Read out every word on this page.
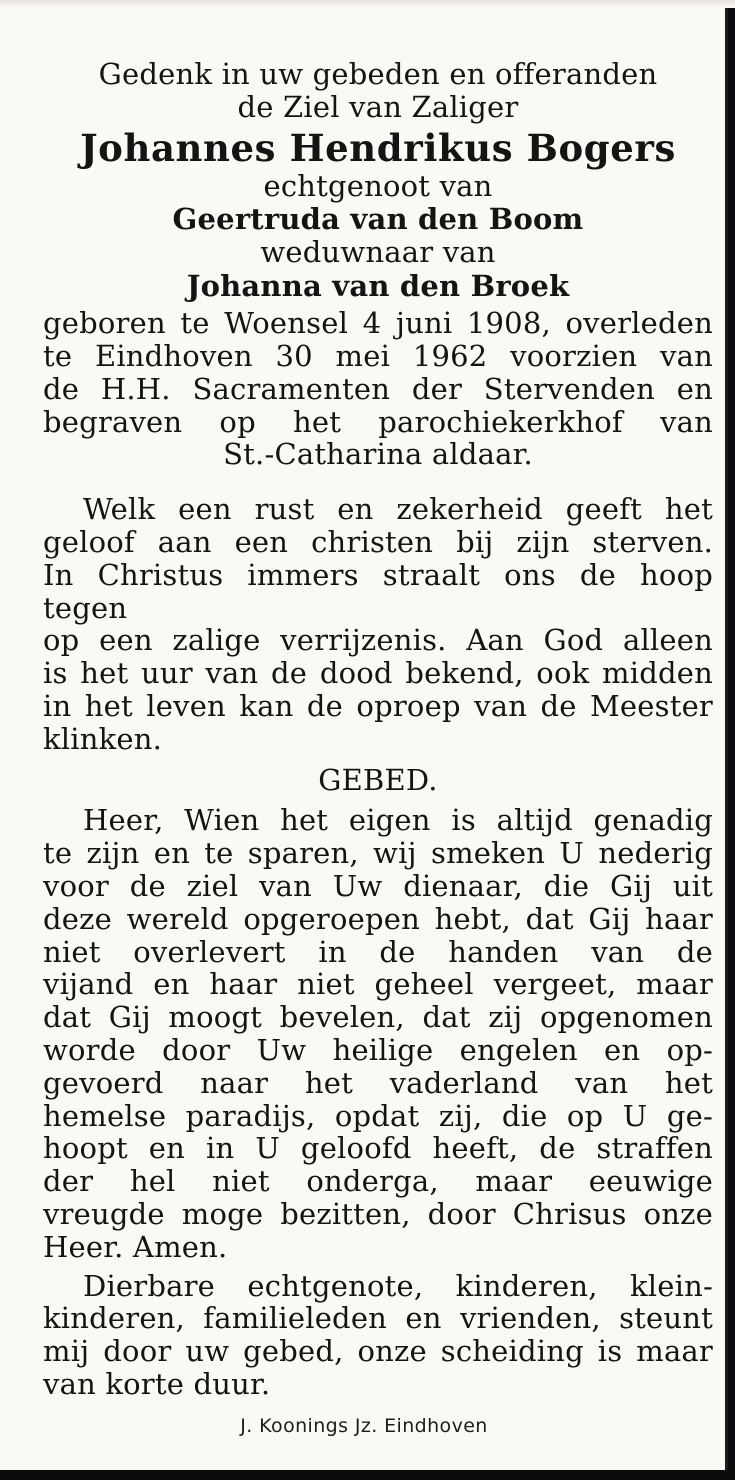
Gedenk in uw gebeden en offeranden

de Ziel van Zaliger

Johannes Hendrikus Bogers

echtgenoot van

Geertruda van den Boom

weduwnaar van

Johanna van den Broek

geboren te Woensel 4 juni 1908, overleden

te Eindhoven 30 mei 1962 voorzien van

de H.H. Sacramenten der Stervenden en

begraven op het parochiekerkhof van

St.-Catharina aldaar.

Welk een rust en zekerheid geeft het

geloof aan een christen bij zijn sterven.

In Christus immers straalt ons de hoop tegen

op een zalige verrijzenis. Aan God alleen

is het uur van de dood bekend, ook midden

in het leven kan de oproep van de Meester

klinken.

GEBED.

Heer, Wien het eigen is altijd genadig

te zijn en te sparen, wij smeken U nederig

voor de ziel van Uw dienaar, die Gij uit

deze wereld opgeroepen hebt, dat Gij haar

niet overlevert in de handen van de

vijand en haar niet geheel vergeet, maar

dat Gij moogt bevelen, dat zij opgenomen

worde door Uw heilige engelen en op-

gevoerd naar het vaderland van het

hemelse paradijs, opdat zij, die op U ge-

hoopt en in U geloofd heeft, de straffen

der hel niet onderga, maar eeuwige

vreugde moge bezitten, door Chrisus onze

Heer. Amen.

Dierbare echtgenote, kinderen, klein-

kinderen, familieleden en vrienden, steunt

mij door uw gebed, onze scheiding is maar

van korte duur.

J. Koonings Jz. Eindhoven
